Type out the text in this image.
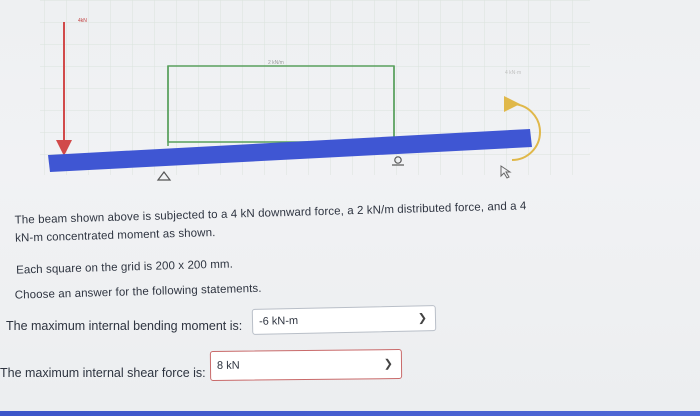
4kN
2 kN/m
4 kN·m
The beam shown above is subjected to a 4 kN downward force, a 2 kN/m distributed force, and a 4
kN-m concentrated moment as shown.
Each square on the grid is 200 x 200 mm.
Choose an answer for the following statements.
The maximum internal bending moment is: -6 kN-m	❯
The maximum internal shear force is:
8 kN	❯
